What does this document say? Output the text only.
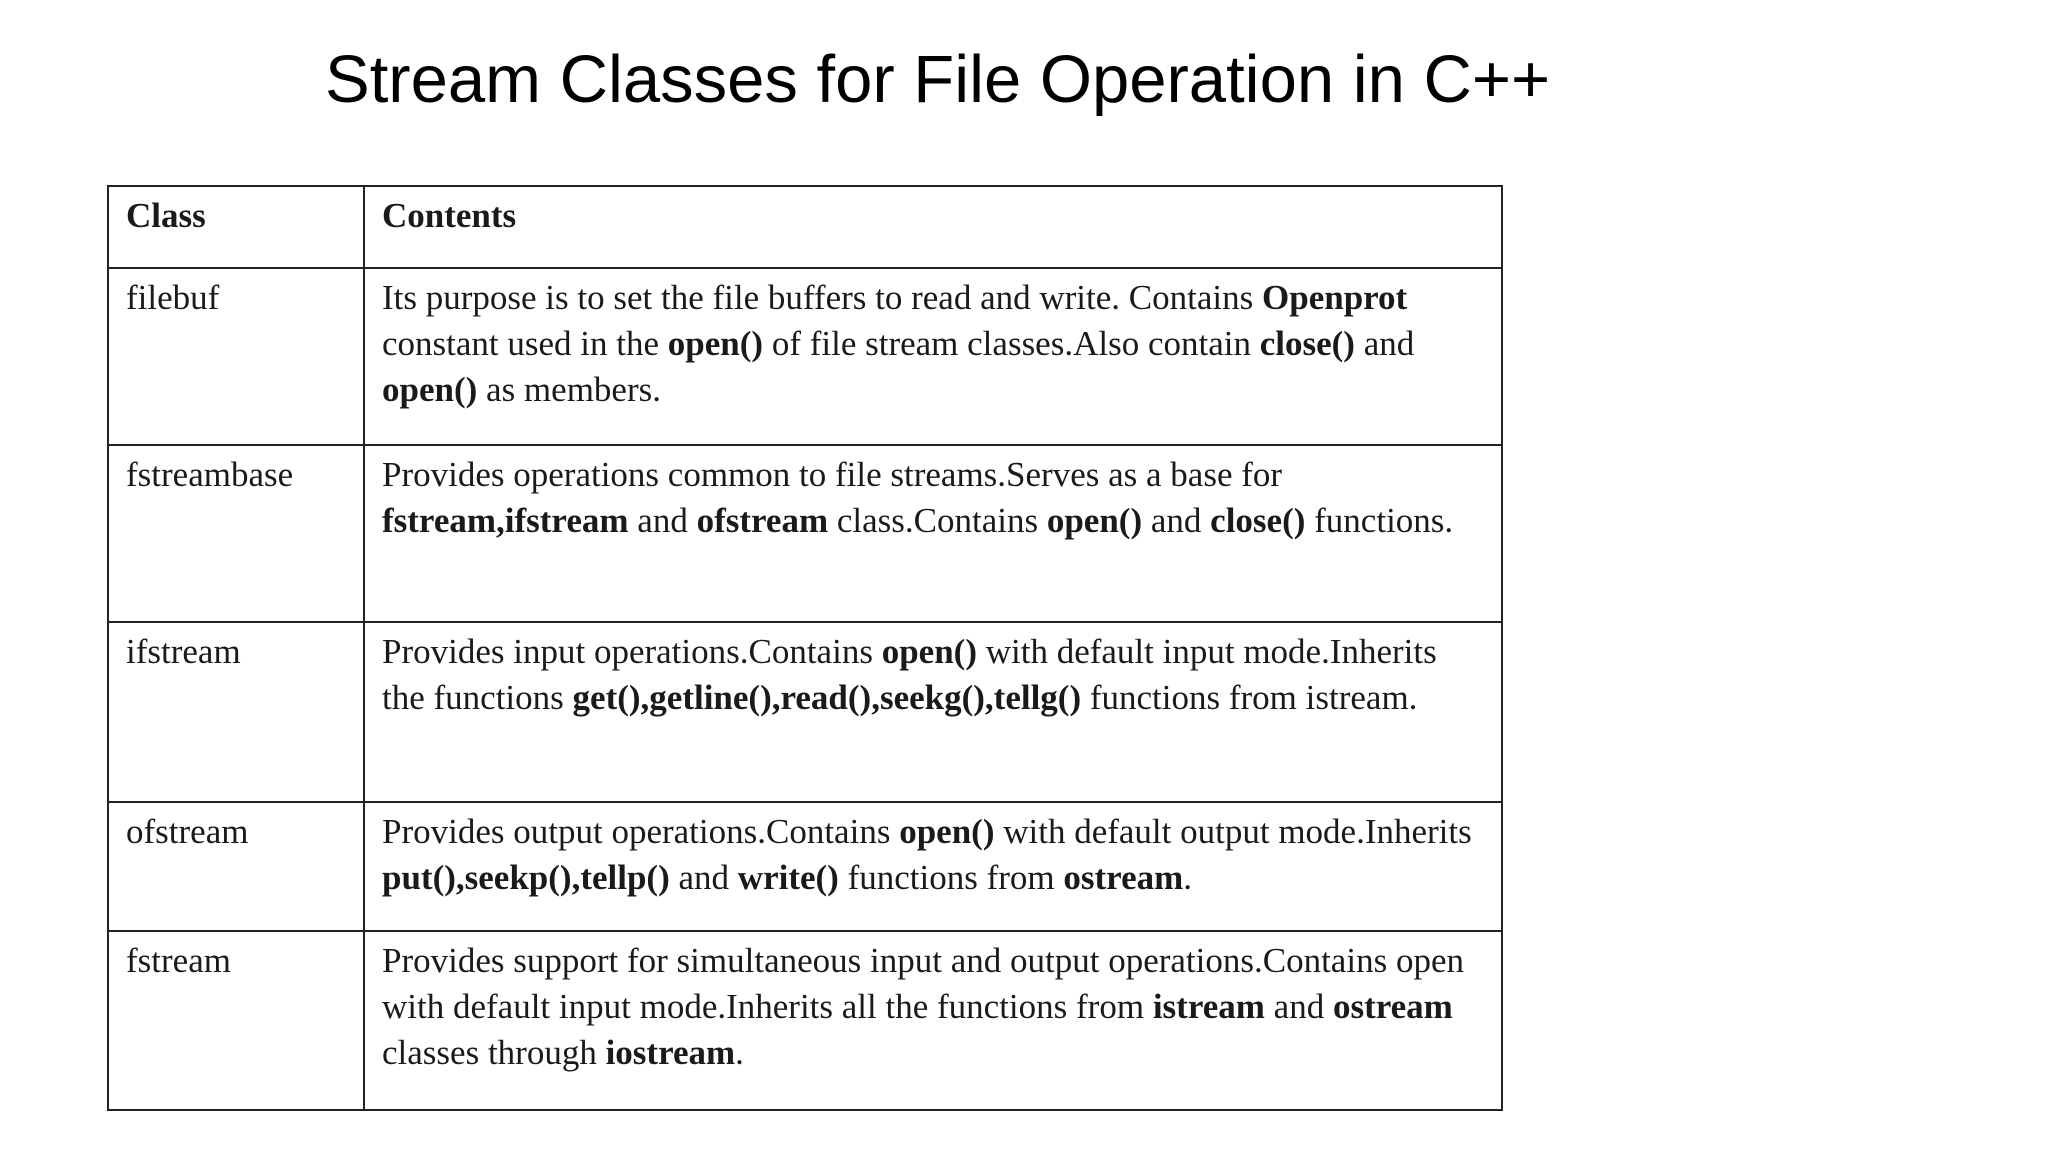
Stream Classes for File Operation in C++
Class	Contents
filebuf	Its purpose is to set the file buffers to read and write. Contains Openprot constant used in the open() of file stream classes.Also contain close() and open() as members.
fstreambase	Provides operations common to file streams.Serves as a base for fstream,ifstream and ofstream class.Contains open() and close() functions.
ifstream	Provides input operations.Contains open() with default input mode.Inherits the functions get(),getline(),read(),seekg(),tellg() functions from istream.
ofstream	Provides output operations.Contains open() with default output mode.Inherits put(),seekp(),tellp() and write() functions from ostream.
fstream	Provides support for simultaneous input and output operations.Contains open with default input mode.Inherits all the functions from istream and ostream classes through iostream.
